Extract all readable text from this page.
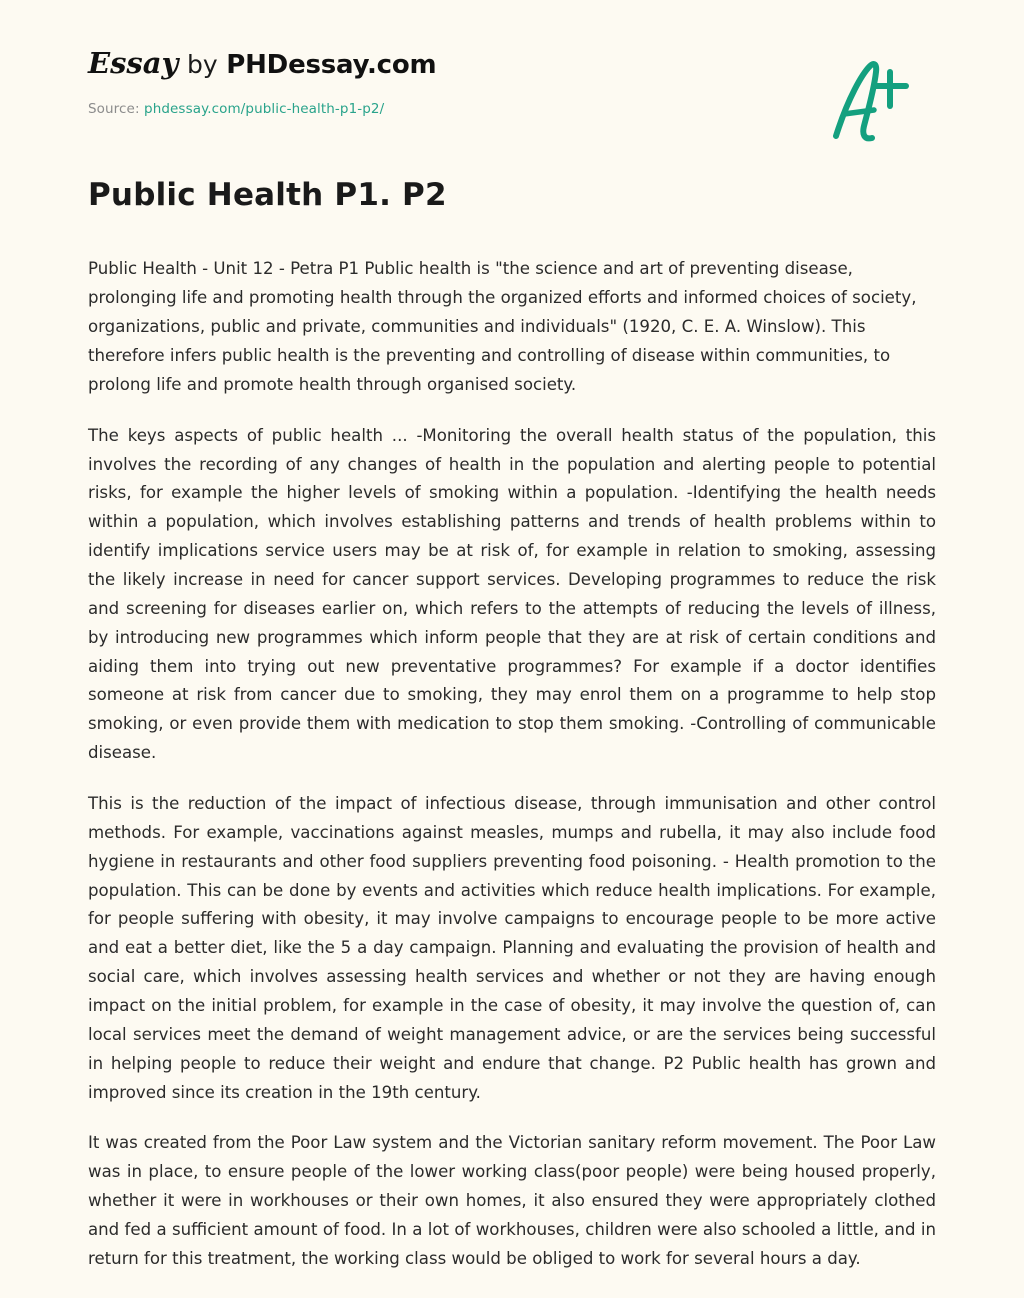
Essay by PHDessay.com
Source: phdessay.com/public-health-p1-p2/
Public Health P1. P2

Public Health - Unit 12 - Petra P1 Public health is "the science and art of preventing disease, prolonging life and promoting health through the organized efforts and informed choices of society, organizations, public and private, communities and individuals" (1920, C. E. A. Winslow). This therefore infers public health is the preventing and controlling of disease within communities, to prolong life and promote health through organised society.

The keys aspects of public health ... -Monitoring the overall health status of the population, this involves the recording of any changes of health in the population and alerting people to potential risks, for example the higher levels of smoking within a population. -Identifying the health needs within a population, which involves establishing patterns and trends of health problems within to identify implications service users may be at risk of, for example in relation to smoking, assessing the likely increase in need for cancer support services. Developing programmes to reduce the risk and screening for diseases earlier on, which refers to the attempts of reducing the levels of illness, by introducing new programmes which inform people that they are at risk of certain conditions and aiding them into trying out new preventative programmes? For example if a doctor identifies someone at risk from cancer due to smoking, they may enrol them on a programme to help stop smoking, or even provide them with medication to stop them smoking. -Controlling of communicable disease.

This is the reduction of the impact of infectious disease, through immunisation and other control methods. For example, vaccinations against measles, mumps and rubella, it may also include food hygiene in restaurants and other food suppliers preventing food poisoning. - Health promotion to the population. This can be done by events and activities which reduce health implications. For example, for people suffering with obesity, it may involve campaigns to encourage people to be more active and eat a better diet, like the 5 a day campaign. Planning and evaluating the provision of health and social care, which involves assessing health services and whether or not they are having enough impact on the initial problem, for example in the case of obesity, it may involve the question of, can local services meet the demand of weight management advice, or are the services being successful in helping people to reduce their weight and endure that change. P2 Public health has grown and improved since its creation in the 19th century.

It was created from the Poor Law system and the Victorian sanitary reform movement. The Poor Law was in place, to ensure people of the lower working class(poor people) were being housed properly, whether it were in workhouses or their own homes, it also ensured they were appropriately clothed and fed a sufficient amount of food. In a lot of workhouses, children were also schooled a little, and in return for this treatment, the working class would be obliged to work for several hours a day.
